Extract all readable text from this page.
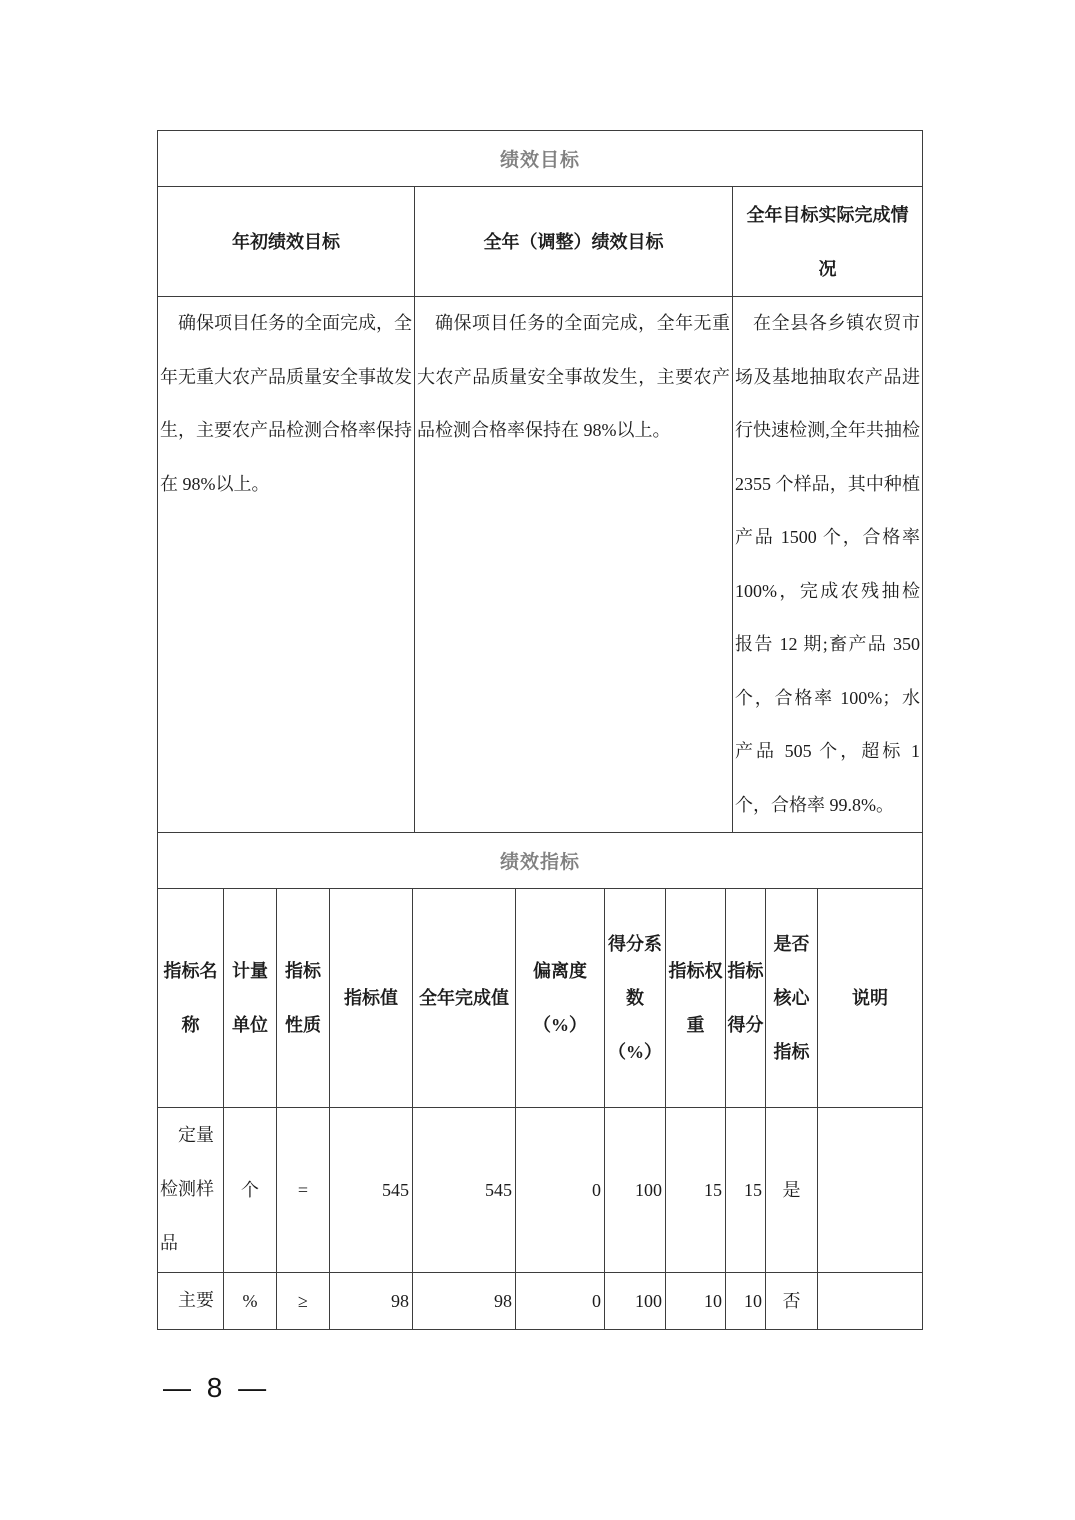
绩效目标		
年初绩效目标	全年（调整）绩效目标	全年目标实际完成情况
确保项目任务的全面完成，全年无重大农产品质量安全事故发生，主要农产品检测合格率保持在 98%以上。	确保项目任务的全面完成，全年无重大农产品质量安全事故发生，主要农产品检测合格率保持在 98%以上。	在全县各乡镇农贸市场及基地抽取农产品进行快速检测,全年共抽检 2355 个样品，其中种植产品 1500 个，合格率 100%，完成农残抽检报告 12 期;畜产品 350 个，合格率 100%；水产品 505 个，超标 1 个，合格率 99.8%。
绩效指标										
指标名称	计量单位	指标性质	指标值	全年完成值	偏离度（%）	得分系数（%）	指标权重	指标得分	是否核心指标	说明
定量检测样品	个	=	545	545	0	100	15	15	是	
主要	%	≥	98	98	0	100	10	10	否	
— 8 —
